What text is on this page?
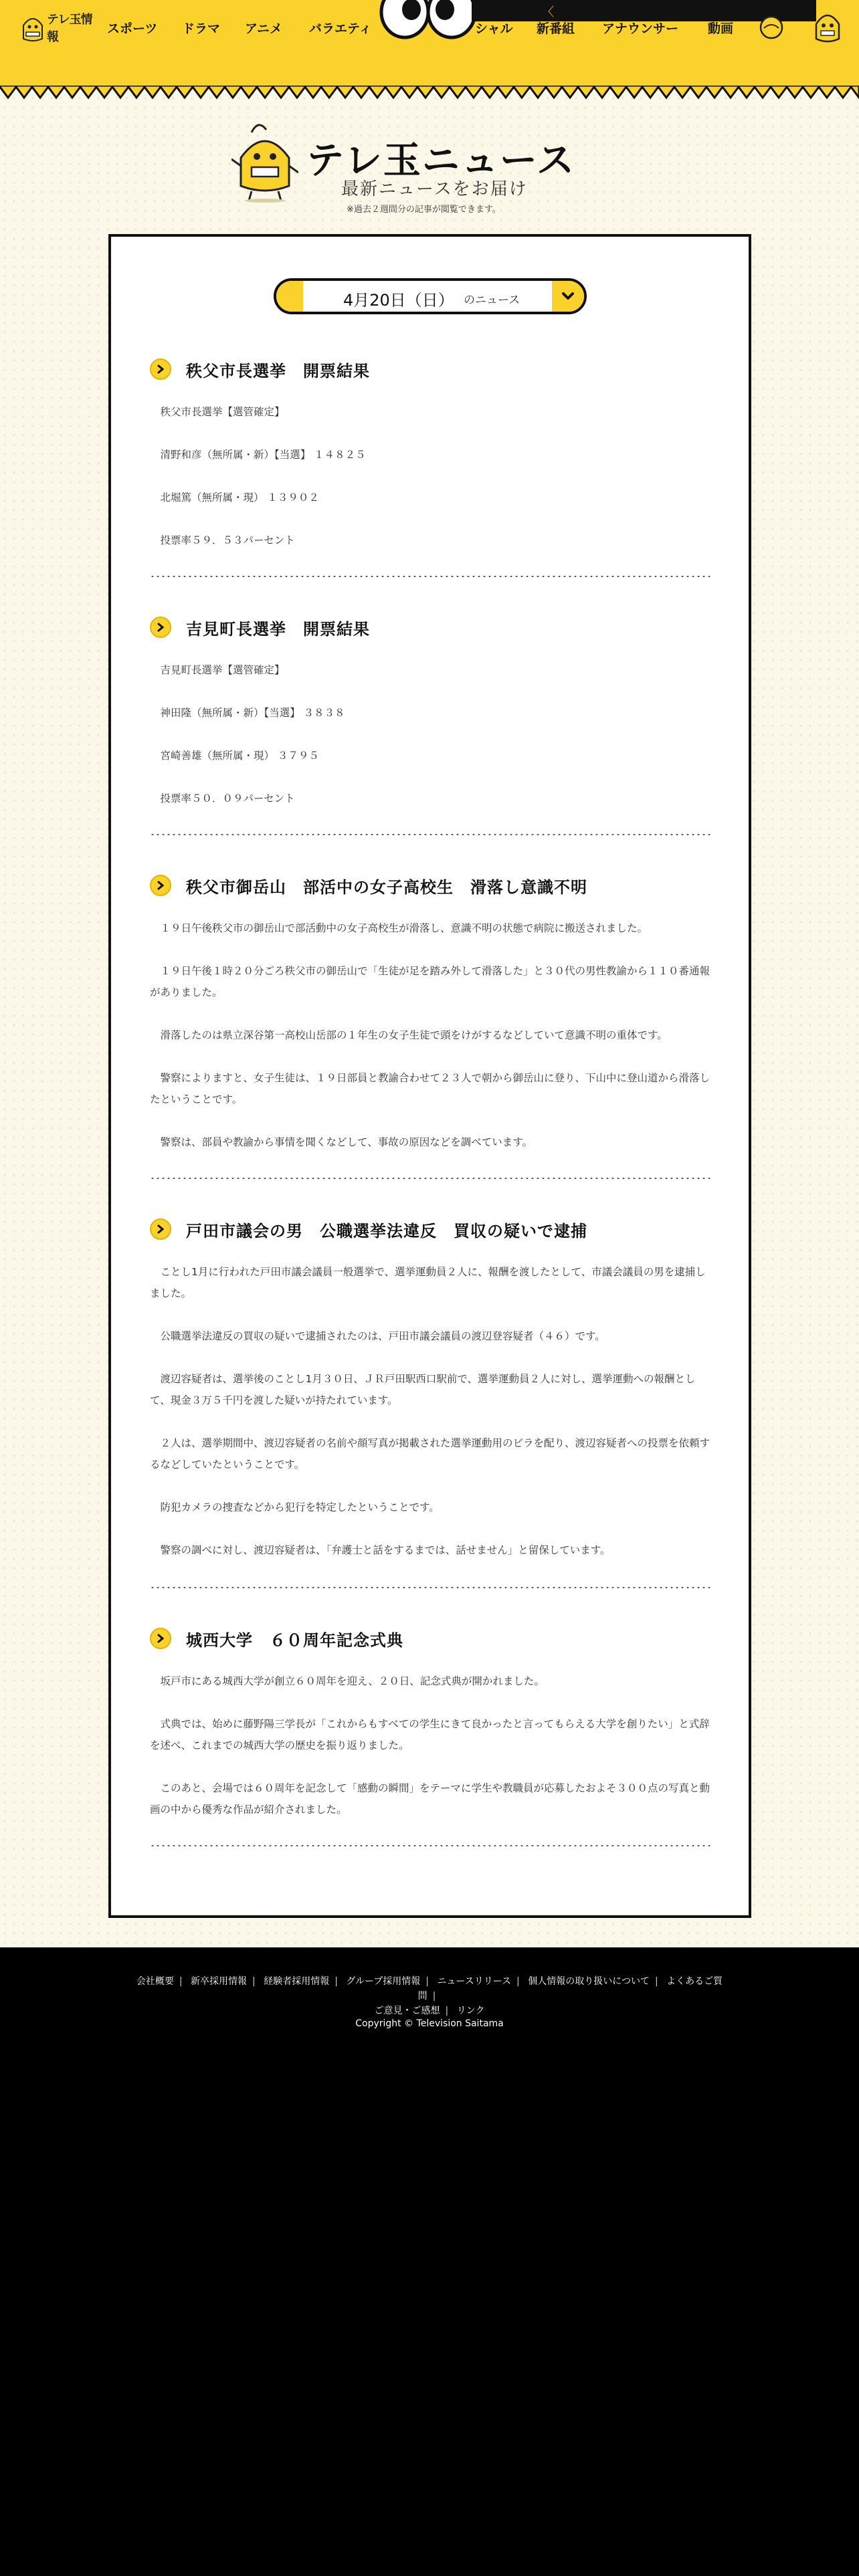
テレ玉情報
スポーツ ドラマ アニメ バラエティ	シャル 新番組 アナウンサー 動画
〈
テレ玉ニュース
最新ニュースをお届け
※過去２週間分の記事が閲覧できます。
4月20日（日） のニュース
秩父市長選挙　開票結果

秩父市長選挙【選管確定】

清野和彦（無所属・新）【当選】 １４８２５

北堀篤（無所属・現） １３９０２

投票率５９．５３パーセント

吉見町長選挙　開票結果

吉見町長選挙【選管確定】

神田隆（無所属・新）【当選】 ３８３８

宮崎善雄（無所属・現） ３７９５

投票率５０．０９パーセント

秩父市御岳山　部活中の女子高校生　滑落し意識不明

１９日午後秩父市の御岳山で部活動中の女子高校生が滑落し、意識不明の状態で病院に搬送されました。

１９日午後１時２０分ごろ秩父市の御岳山で「生徒が足を踏み外して滑落した」と３０代の男性教諭から１１０番通報がありました。

滑落したのは県立深谷第一高校山岳部の１年生の女子生徒で頭をけがするなどしていて意識不明の重体です。

警察によりますと、女子生徒は、１９日部員と教諭合わせて２３人で朝から御岳山に登り、下山中に登山道から滑落したということです。

警察は、部員や教諭から事情を聞くなどして、事故の原因などを調べています。

戸田市議会の男　公職選挙法違反　買収の疑いで逮捕

ことし1月に行われた戸田市議会議員一般選挙で、選挙運動員２人に、報酬を渡したとして、市議会議員の男を逮捕しました。

公職選挙法違反の買収の疑いで逮捕されたのは、戸田市議会議員の渡辺登容疑者（４６）です。

渡辺容疑者は、選挙後のことし1月３０日、ＪＲ戸田駅西口駅前で、選挙運動員２人に対し、選挙運動への報酬として、現金３万５千円を渡した疑いが持たれています。

２人は、選挙期間中、渡辺容疑者の名前や顔写真が掲載された選挙運動用のビラを配り、渡辺容疑者への投票を依頼するなどしていたということです。

防犯カメラの捜査などから犯行を特定したということです。

警察の調べに対し、渡辺容疑者は、「弁護士と話をするまでは、話せません」と留保しています。

城西大学　６０周年記念式典

坂戸市にある城西大学が創立６０周年を迎え、２０日、記念式典が開かれました。

式典では、始めに藤野陽三学長が「これからもすべての学生にきて良かったと言ってもらえる大学を創りたい」と式辞を述べ、これまでの城西大学の歴史を振り返りました。

このあと、会場では６０周年を記念して「感動の瞬間」をテーマに学生や教職員が応募したおよそ３００点の写真と動画の中から優秀な作品が紹介されました。

会社概要 | 新卒採用情報 | 経験者採用情報 | グループ採用情報 | ニュースリリース | 個人情報の取り扱いについて | よくあるご質問 |
ご意見・ご感想 | リンク
Copyright © Television Saitama
